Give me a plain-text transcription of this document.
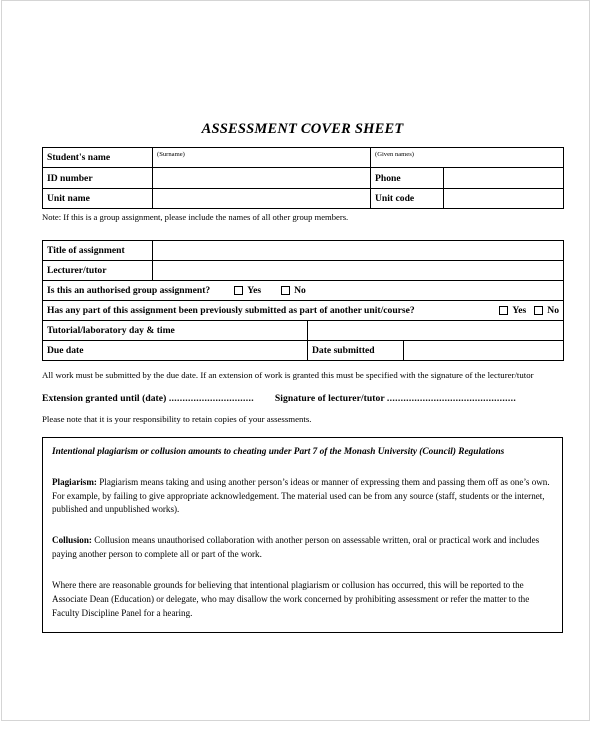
ASSESSMENT COVER SHEET
Student's name	(Surname)	(Given names)	

ID number		Phone	
Unit name		Unit code	
Note: If this is a group assignment, please include the names of all other group members.
Title of assignment			
Lecturer/tutor			

Is this an authorised group assignment? Yes No			

Has any part of this assignment been previously submitted as part of another unit/course? Yes No			

Tutorial/laboratory day & time			
Due date		Date submitted	

All work must be submitted by the due date. If an extension of work is granted this must be specified with the signature of the lecturer/tutor

Extension granted until (date) ............................... Signature of lecturer/tutor ...............................................

Please note that it is your responsibility to retain copies of your assessments.

Intentional plagiarism or collusion amounts to cheating under Part 7 of the Monash University (Council) Regulations

Plagiarism: Plagiarism means taking and using another person’s ideas or manner of expressing them and passing them off as one’s own. For example, by failing to give appropriate acknowledgement. The material used can be from any source (staff, students or the internet, published and unpublished works).

Collusion: Collusion means unauthorised collaboration with another person on assessable written, oral or practical work and includes paying another person to complete all or part of the work.

Where there are reasonable grounds for believing that intentional plagiarism or collusion has occurred, this will be reported to the Associate Dean (Education) or delegate, who may disallow the work concerned by prohibiting assessment or refer the matter to the Faculty Discipline Panel for a hearing.
